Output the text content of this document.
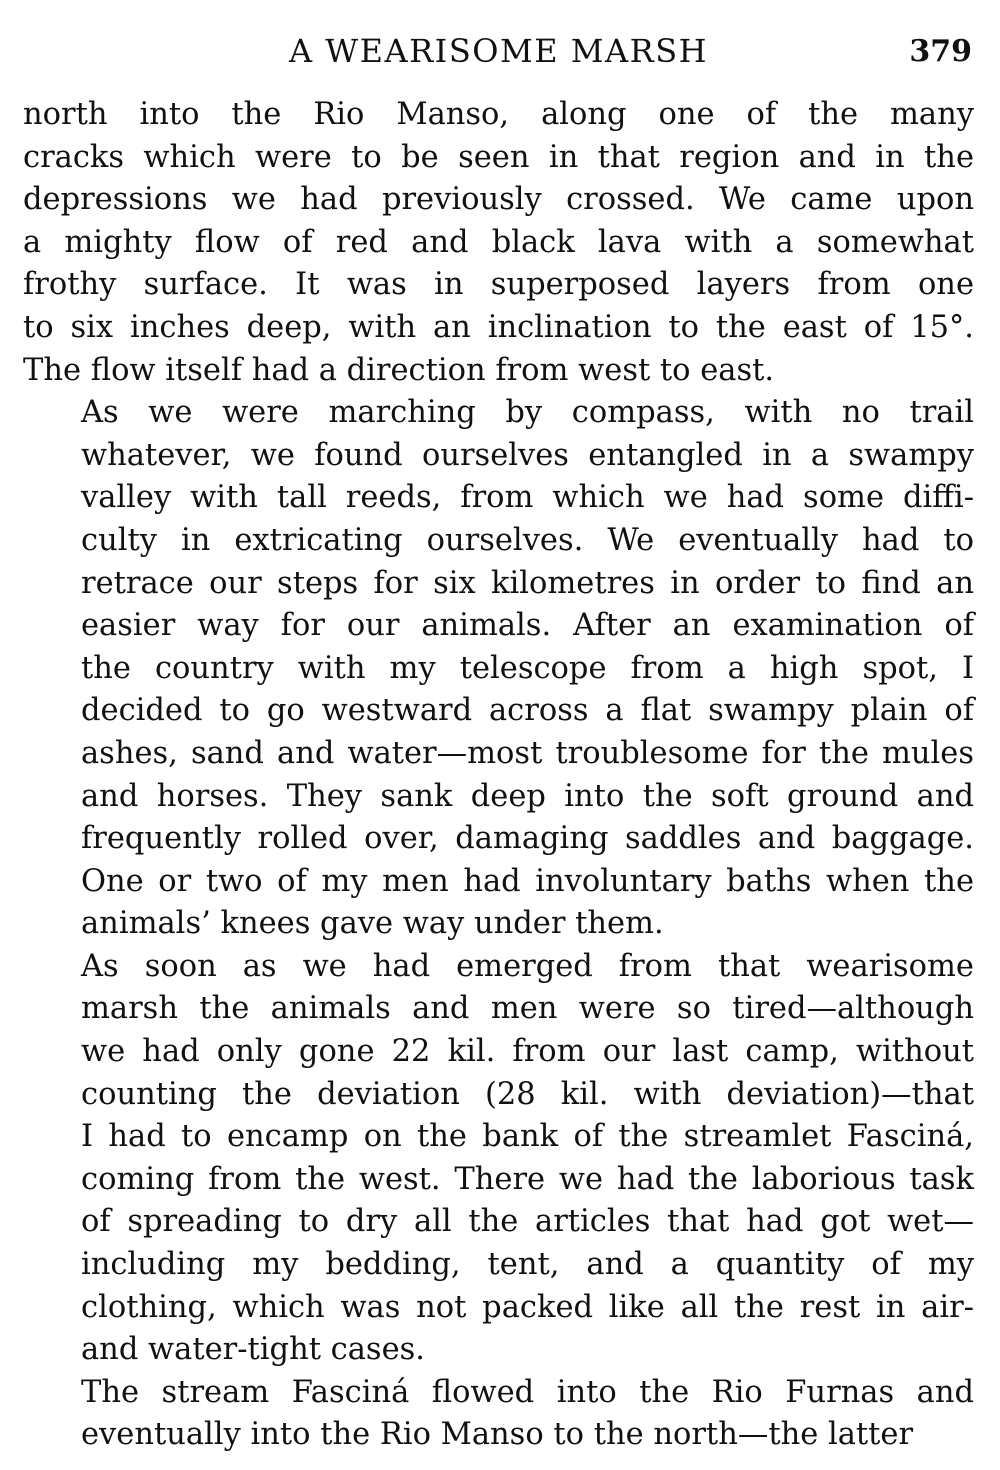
A WEARISOME MARSH	379

north into the Rio Manso, along one of the many
cracks which were to be seen in that region and in the
depressions we had previously crossed. We came upon
a mighty flow of red and black lava with a somewhat
frothy surface. It was in superposed layers from one
to six inches deep, with an inclination to the east of 15°.
The flow itself had a direction from west to east.

As we were marching by compass, with no trail
whatever, we found ourselves entangled in a swampy
valley with tall reeds, from which we had some diffi-
culty in extricating ourselves. We eventually had to
retrace our steps for six kilometres in order to find an
easier way for our animals. After an examination of
the country with my telescope from a high spot, I
decided to go westward across a flat swampy plain of
ashes, sand and water—most troublesome for the mules
and horses. They sank deep into the soft ground and
frequently rolled over, damaging saddles and baggage.
One or two of my men had involuntary baths when the
animals’ knees gave way under them.

As soon as we had emerged from that wearisome
marsh the animals and men were so tired—although
we had only gone 22 kil. from our last camp, without
counting the deviation (28 kil. with deviation)—that
I had to encamp on the bank of the streamlet Fasciná,
coming from the west. There we had the laborious task
of spreading to dry all the articles that had got wet—
including my bedding, tent, and a quantity of my
clothing, which was not packed like all the rest in air-
and water-tight cases.

The stream Fasciná flowed into the Rio Furnas and
eventually into the Rio Manso to the north—the latter
